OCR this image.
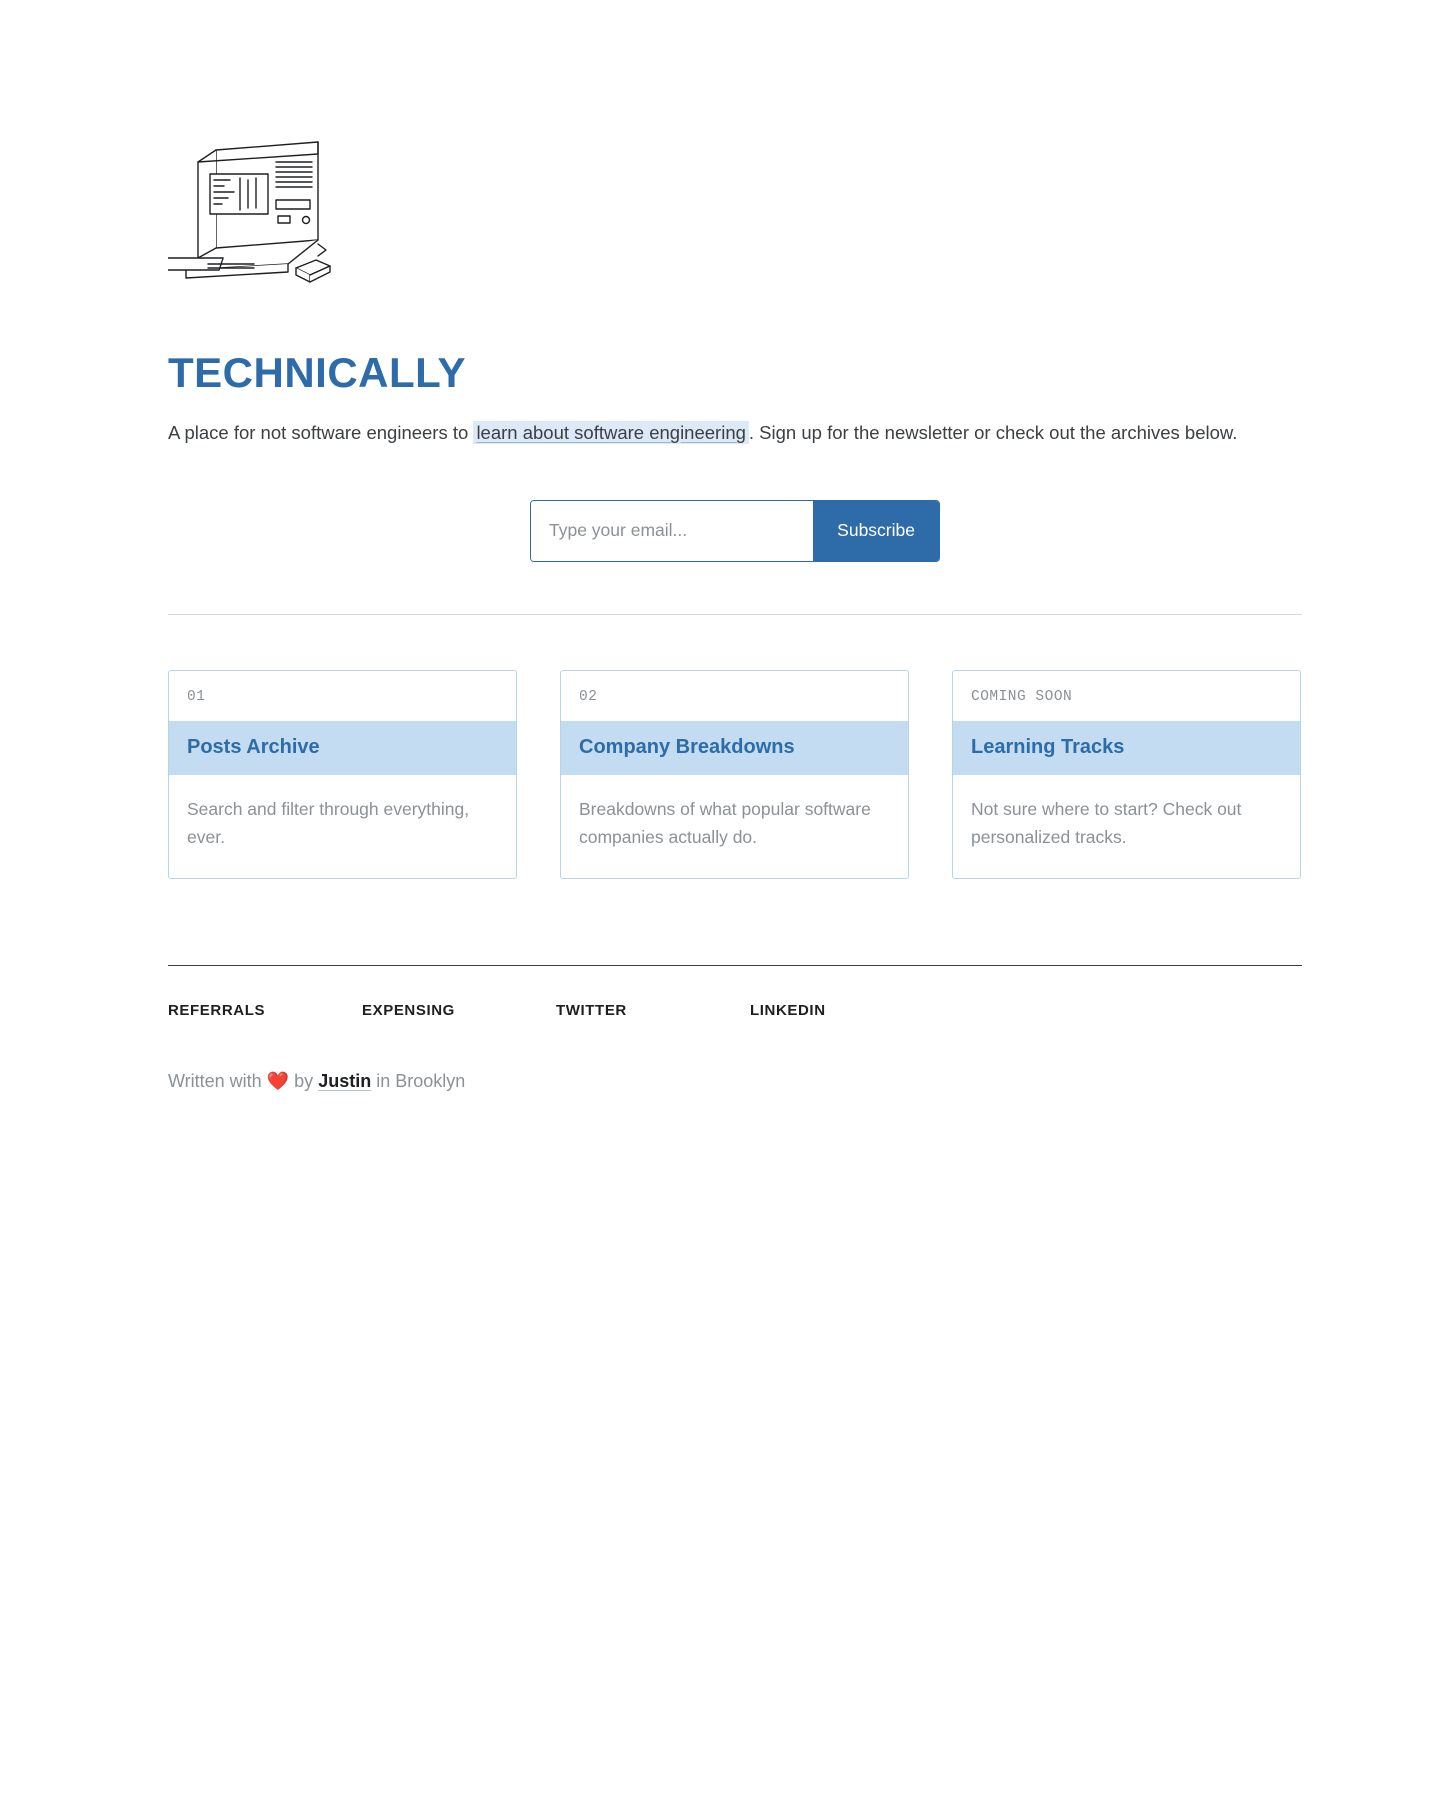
TECHNICALLY

A place for not software engineers to learn about software engineering . Sign up for the newsletter or check out the archives below.

Type your email...
Subscribe
01
Posts Archive
Search and filter through everything, ever.
02
Company Breakdowns
Breakdowns of what popular software companies actually do.
COMING SOON
Learning Tracks
Not sure where to start? Check out personalized tracks.
REFERRALS	EXPENSING	TWITTER	LINKEDIN
Written with ❤️ by Justin in Brooklyn
